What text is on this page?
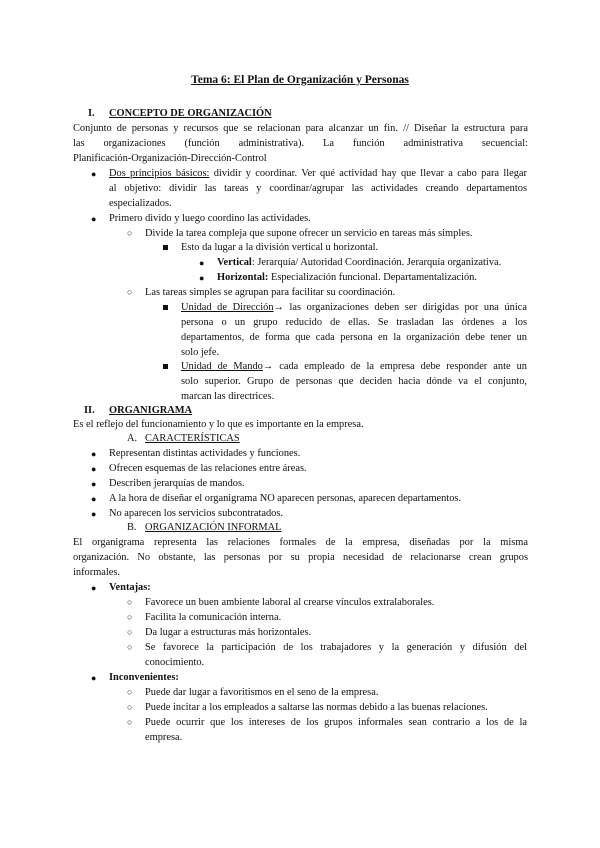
Tema 6: El Plan de Organización y Personas
I. CONCEPTO DE ORGANIZACIÓN
Conjunto de personas y recursos que se relacionan para alcanzar un fin. // Diseñar la estructura para
las organizaciones (función administrativa). La función administrativa secuencial:
Planificación-Organización-Dirección-Control
● Dos principios básicos: dividir y coordinar. Ver qué actividad hay que llevar a cabo para llegar
al objetivo: dividir las tareas y coordinar/agrupar las actividades creando departamentos
especializados.
● Primero divido y luego coordino las actividades.
○ Divide la tarea compleja que supone ofrecer un servicio en tareas más simples.
Esto da lugar a la división vertical u horizontal.
● Vertical: Jerarquía/ Autoridad Coordinación. Jerarquía organizativa.
● Horizontal: Especialización funcional. Departamentalización.
○ Las tareas simples se agrupan para facilitar su coordinación.
Unidad de Dirección→ las organizaciones deben ser dirigidas por una única
persona o un grupo reducido de ellas. Se trasladan las órdenes a los
departamentos, de forma que cada persona en la organización debe tener un
solo jefe.
Unidad de Mando→ cada empleado de la empresa debe responder ante un
solo superior. Grupo de personas que deciden hacia dónde va el conjunto,
marcan las directrices.
II. ORGANIGRAMA
Es el reflejo del funcionamiento y lo que es importante en la empresa.
A. CARACTERÍSTICAS
● Representan distintas actividades y funciones.
● Ofrecen esquemas de las relaciones entre áreas.
● Describen jerarquías de mandos.
● A la hora de diseñar el organigrama NO aparecen personas, aparecen departamentos.
● No aparecen los servicios subcontratados.
B. ORGANIZACIÓN INFORMAL
El organigrama representa las relaciones formales de la empresa, diseñadas por la misma
organización. No obstante, las personas por su propia necesidad de relacionarse crean grupos
informales.
● Ventajas:
○ Favorece un buen ambiente laboral al crearse vínculos extralaborales.
○ Facilita la comunicación interna.
○ Da lugar a estructuras más horizontales.
○ Se favorece la participación de los trabajadores y la generación y difusión del
conocimiento.
● Inconvenientes:
○ Puede dar lugar a favoritismos en el seno de la empresa.
○ Puede incitar a los empleados a saltarse las normas debido a las buenas relaciones.
○ Puede ocurrir que los intereses de los grupos informales sean contrario a los de la
empresa.
